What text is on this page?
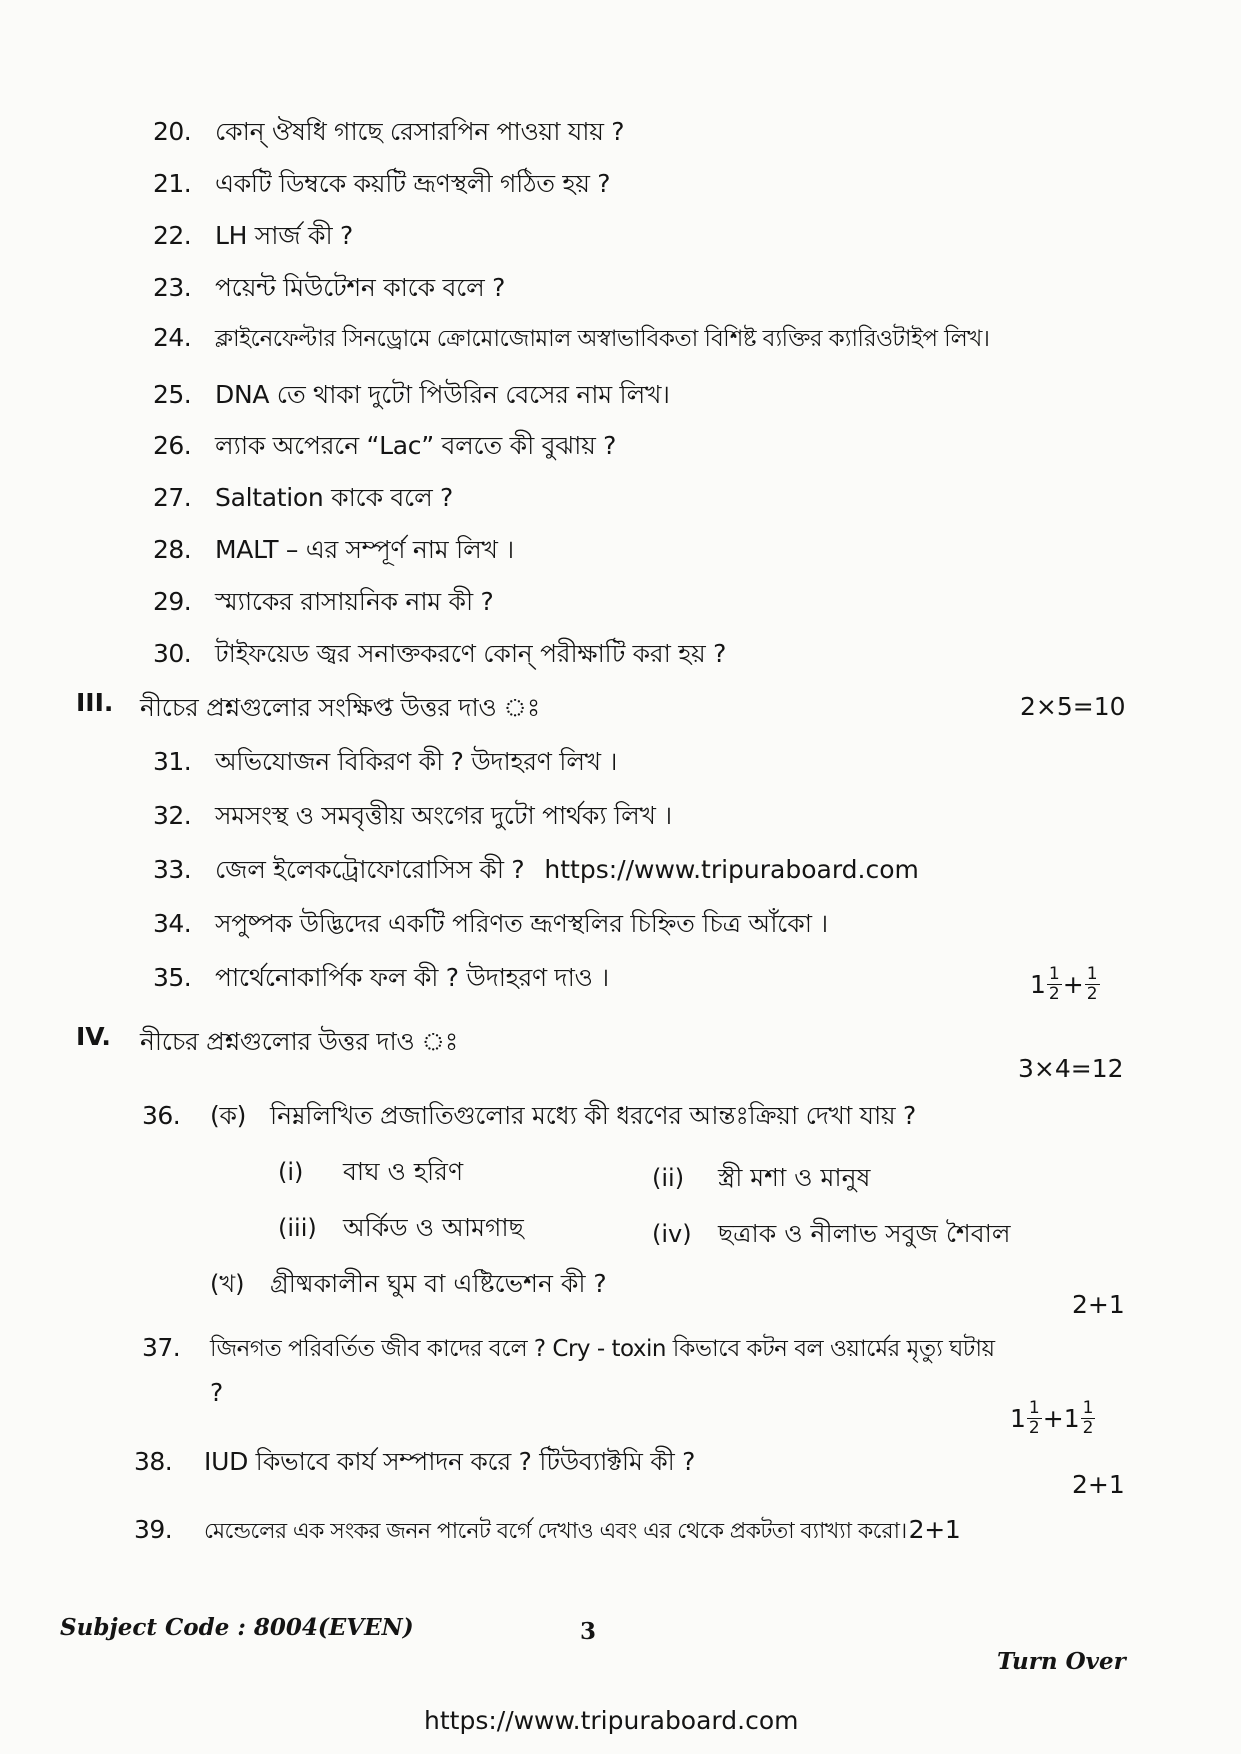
20. কোন্ ঔষধি গাছে রেসারপিন পাওয়া যায় ?
21. একটি ডিম্বকে কয়টি ভ্রূণস্থলী গঠিত হয় ?
22. LH সার্জ কী ?
23. পয়েন্ট মিউটেশন কাকে বলে ?
24.	ক্লাইনেফেল্টার সিনড্রোমে ক্রোমোজোমাল অস্বাভাবিকতা বিশিষ্ট ব্যক্তির ক্যারিওটাইপ লিখ।
25. DNA তে থাকা দুটো পিউরিন বেসের নাম লিখ।
26. ল্যাক অপেরনে “Lac” বলতে কী বুঝায় ?
27. Saltation কাকে বলে ?
28. MALT – এর সম্পূর্ণ নাম লিখ ।
29. স্ম্যাকের রাসায়নিক নাম কী ?
30. টাইফয়েড জ্বর সনাক্তকরণে কোন্ পরীক্ষাটি করা হয় ?
III. নীচের প্রশ্নগুলোর সংক্ষিপ্ত উত্তর দাও ঃ	2×5=10
31. অভিযোজন বিকিরণ কী ? উদাহরণ লিখ ।
32. সমসংস্থ ও সমবৃত্তীয় অংগের দুটো পার্থক্য লিখ ।
33. জেল ইলেকট্রোফোরোসিস কী ? https://www.tripuraboard.com
34. সপুষ্পক উদ্ভিদের একটি পরিণত ভ্রূণস্থলির চিহ্নিত চিত্র আঁকো ।
35. পার্থেনোকার্পিক ফল কী ? উদাহরণ দাও ।	$1 \frac{1}{2} + \frac{1}{2}$
IV. নীচের প্রশ্নগুলোর উত্তর দাও ঃ
3×4=12
36.	(ক) নিম্নলিখিত প্রজাতিগুলোর মধ্যে কী ধরণের আন্তঃক্রিয়া দেখা যায় ?
(i)	বাঘ ও হরিণ	(ii)	স্ত্রী মশা ও মানুষ
(iii)	অর্কিড ও আমগাছ	(iv)	ছত্রাক ও নীলাভ সবুজ শৈবাল
(খ)	গ্রীষ্মকালীন ঘুম বা এষ্টিভেশন কী ?
2+1
37.	জিনগত পরিবর্তিত জীব কাদের বলে ? Cry - toxin কিভাবে কটন বল ওয়ার্মের মৃত্যু ঘটায়
?
$1 \frac{1}{2} + 1 \frac{1}{2}$
38.	IUD কিভাবে কার্য সম্পাদন করে ? টিউব্যাক্টমি কী ?
2+1
39.	মেন্ডেলের এক সংকর জনন পানেট বর্গে দেখাও এবং এর থেকে প্রকটতা ব্যাখ্যা করো। 2+1
Subject Code : 8004(EVEN)	3
Turn Over
https://www.tripuraboard.com
